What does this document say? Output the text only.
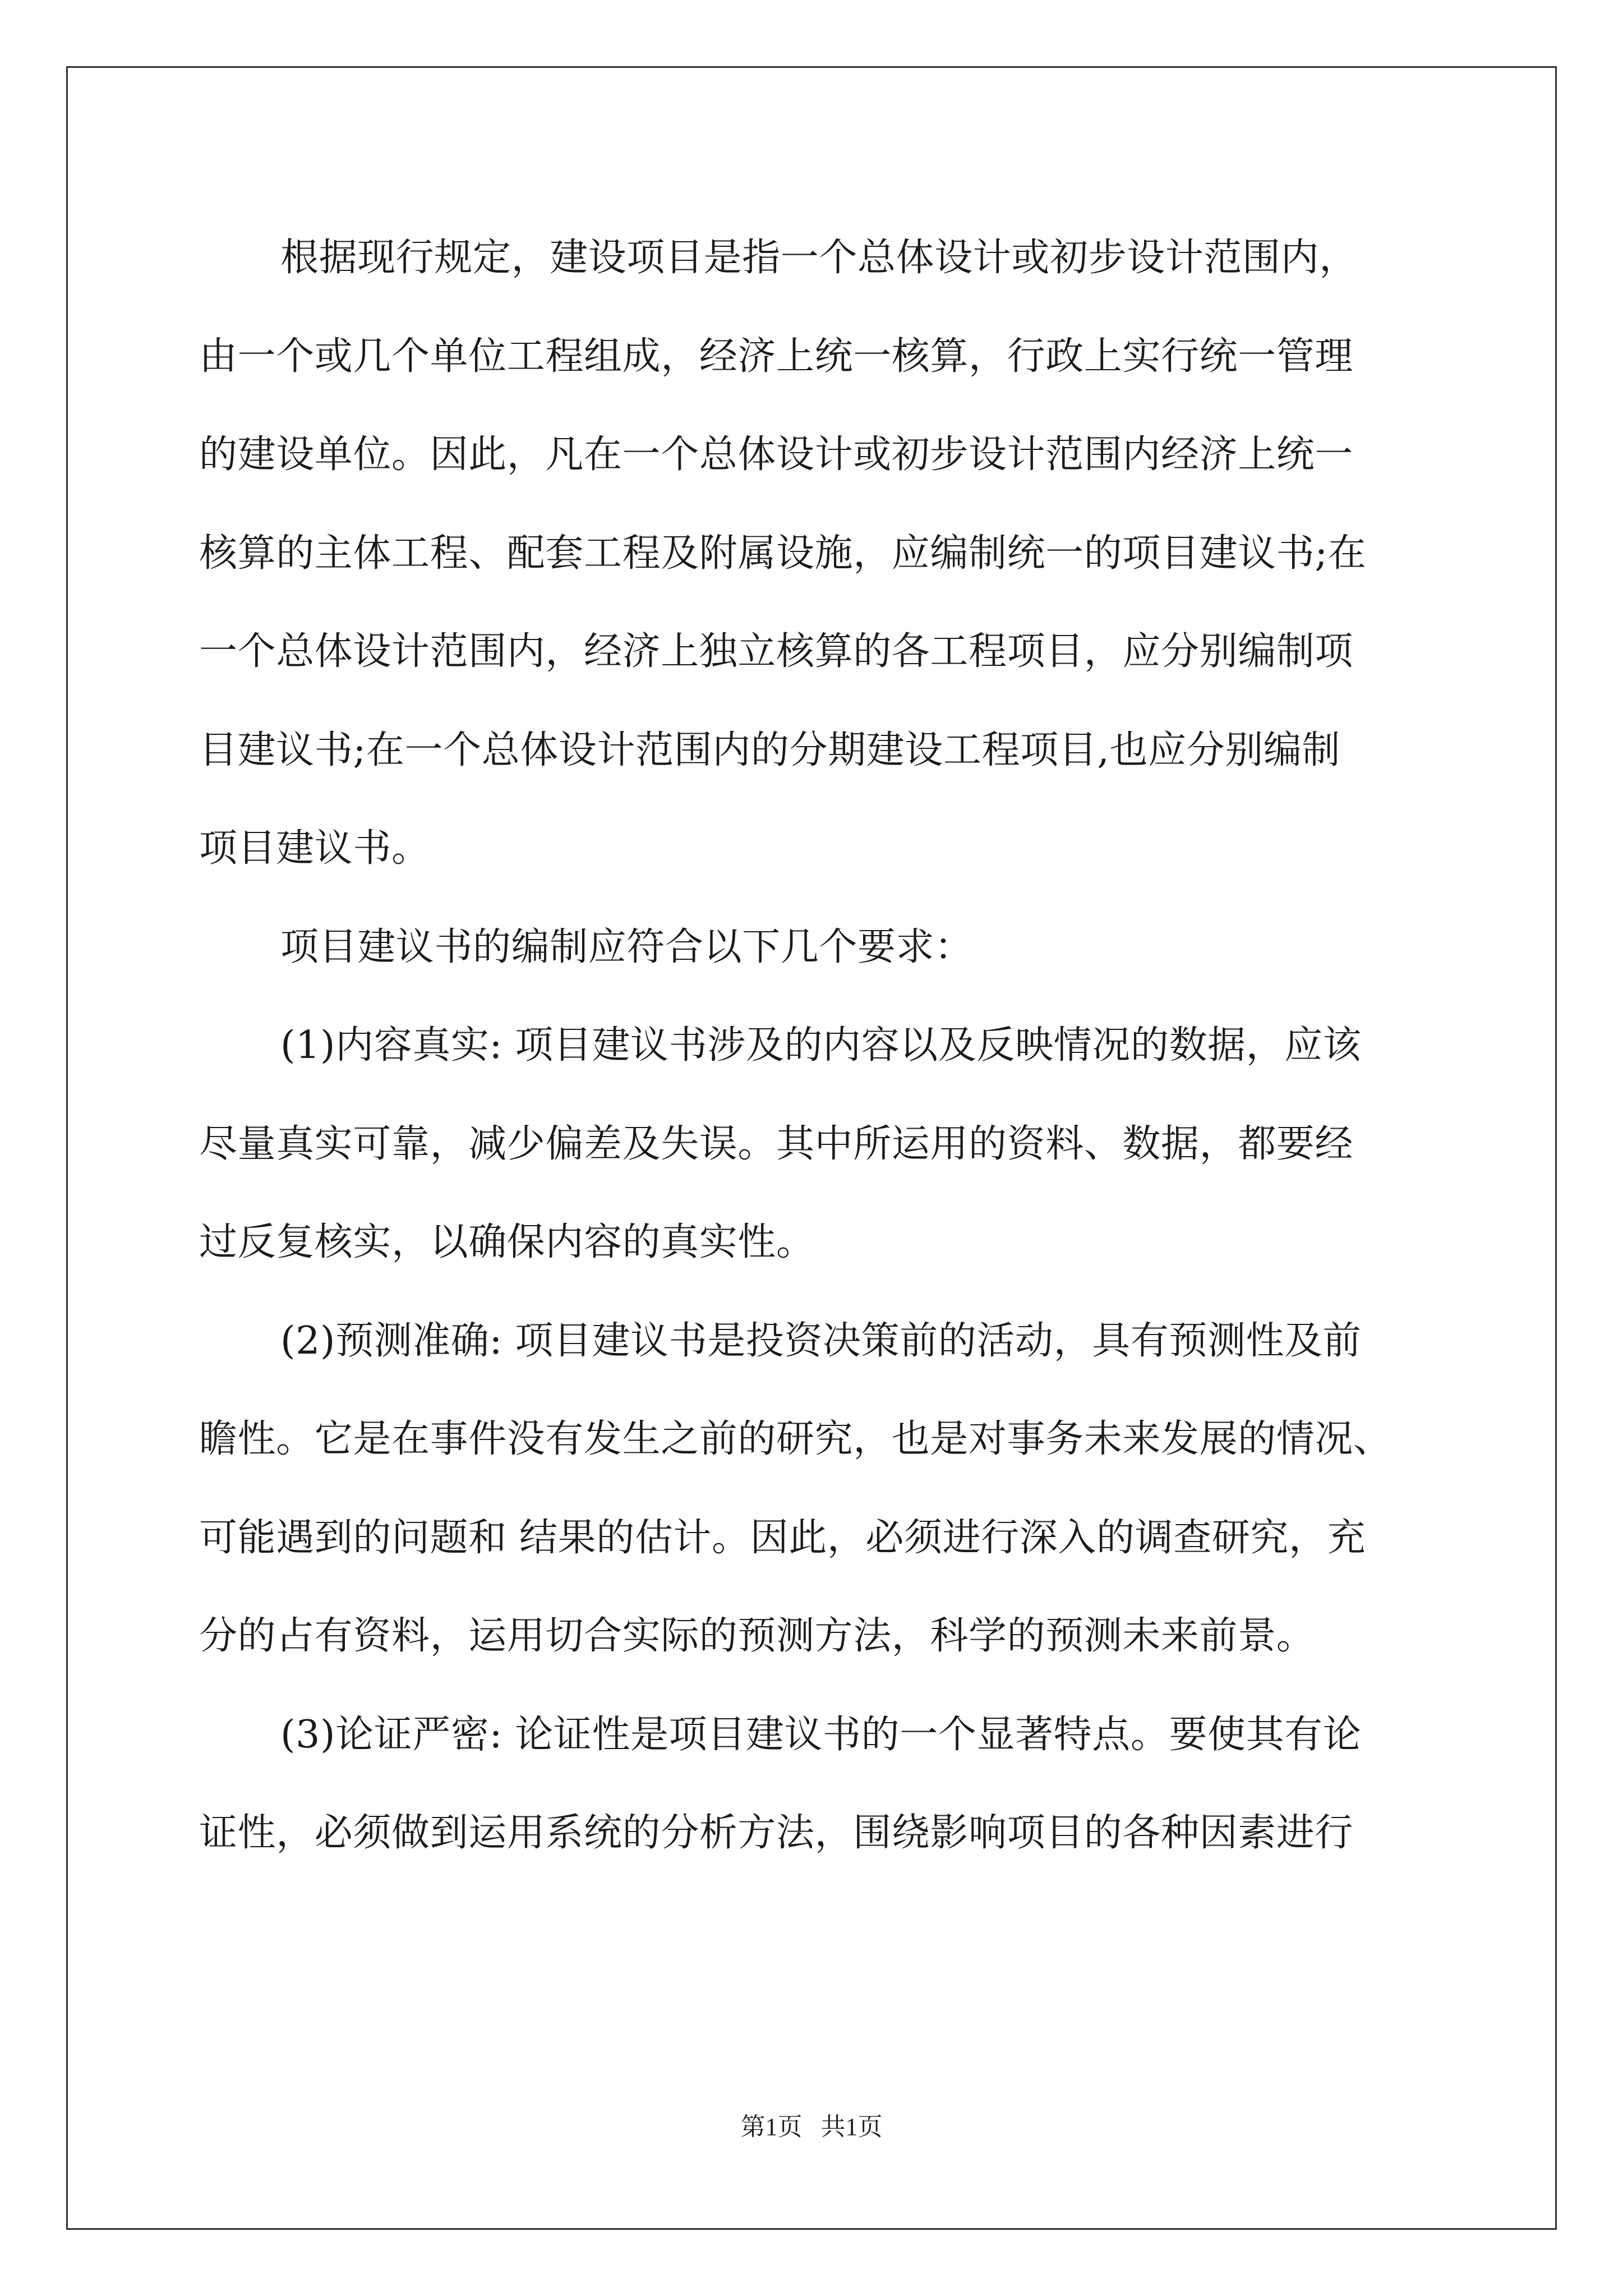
根据现行规定，建设项目是指一个总体设计或初步设计范围内，
由一个或几个单位工程组成，经济上统一核算，行政上实行统一管理
的建设单位。因此，凡在一个总体设计或初步设计范围内经济上统一
核算的主体工程、配套工程及附属设施，应编制统一的项目建议书;在
一个总体设计范围内，经济上独立核算的各工程项目，应分别编制项
目建议书;在一个总体设计范围内的分期建设工程项目,也应分别编制
项目建议书。
项目建议书的编制应符合以下几个要求：
(1)内容真实: 项目建议书涉及的内容以及反映情况的数据，应该
尽量真实可靠，减少偏差及失误。其中所运用的资料、数据，都要经
过反复核实，以确保内容的真实性。
(2)预测准确: 项目建议书是投资决策前的活动，具有预测性及前
瞻性。它是在事件没有发生之前的研究，也是对事务未来发展的情况、
可能遇到的问题和 结果的估计。因此，必须进行深入的调查研究，充
分的占有资料，运用切合实际的预测方法，科学的预测未来前景。
(3)论证严密: 论证性是项目建议书的一个显著特点。要使其有论
证性，必须做到运用系统的分析方法，围绕影响项目的各种因素进行
第1页   共1页
